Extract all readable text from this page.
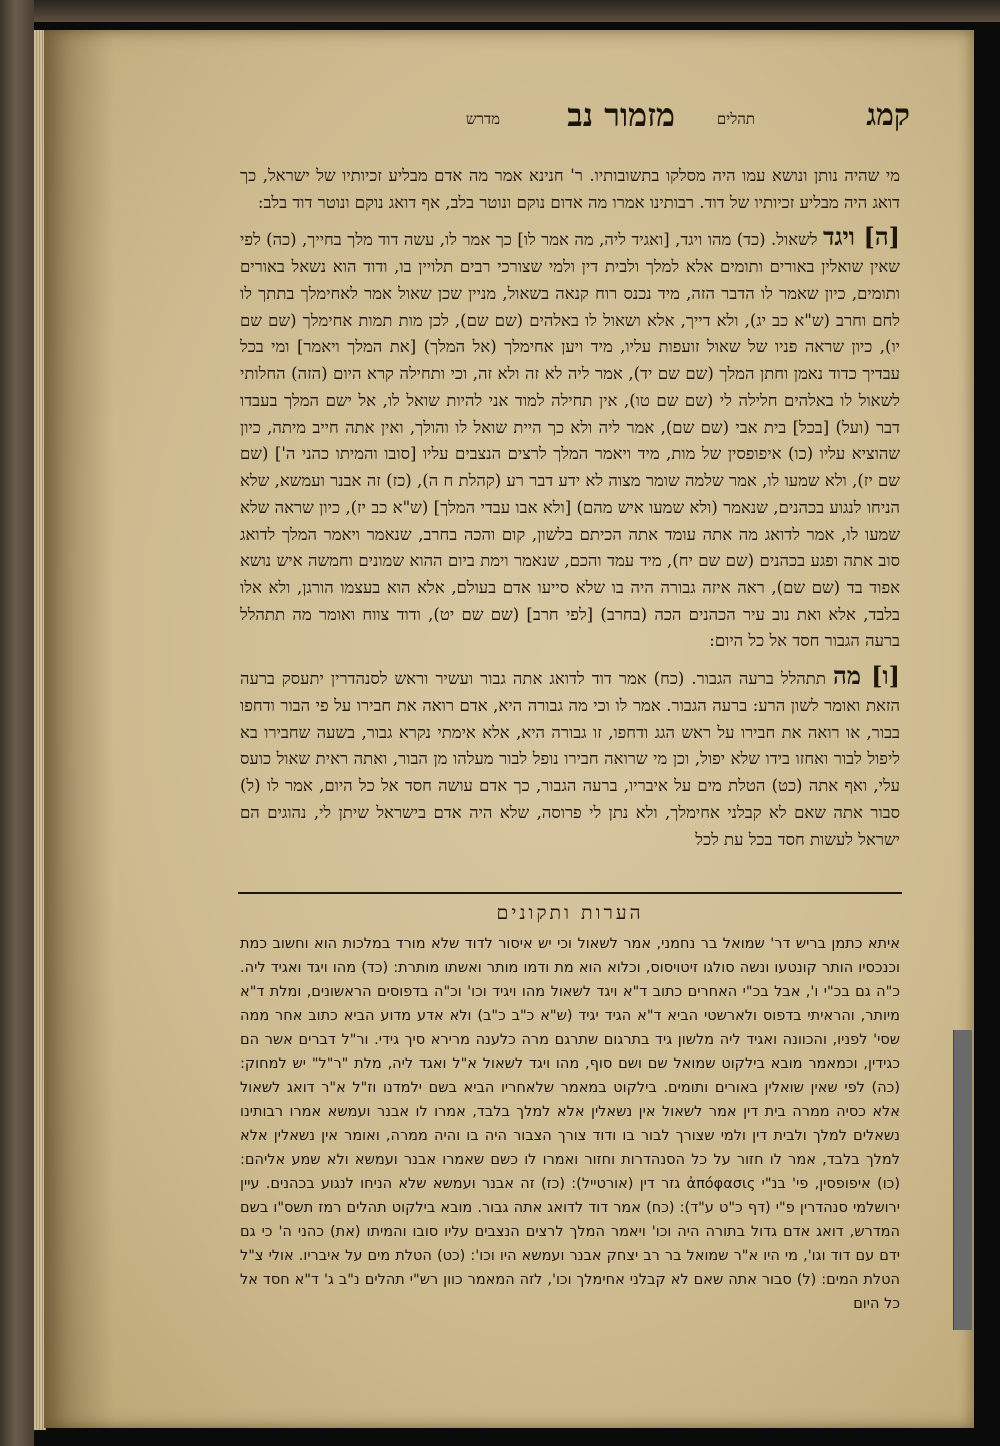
קמג
מדרש מזמור נב	תהלים

מי שהיה נותן ונושא עמו היה מסלקו בתשובותיו. ר' חנינא אמר מה אדם מבליע זכיותיו של ישראל, כך דואג היה מבליע זכיותיו של דוד. רבותינו אמרו מה אדום נוקם ונוטר בלב, אף דואג נוקם ונוטר דוד בלב:

[ה] ויגד לשאול. (כד) מהו ויגד, [ואגיד ליה, מה אמר לו] כך אמר לו, עשה דוד מלך בחייך, (כה) לפי שאין שואלין באורים ותומים אלא למלך ולבית דין ולמי שצורכי רבים תלויין בו, ודוד הוא נשאל באורים ותומים, כיון שאמר לו הדבר הזה, מיד נכנס רוח קנאה בשאול, מניין שכן שאול אמר לאחימלך בתתך לו לחם וחרב (ש"א כב יג), ולא דייך, אלא ושאול לו באלהים (שם שם), לכן מות תמות אחימלך (שם שם יו), כיון שראה פניו של שאול זועפות עליו, מיד ויען אחימלך (אל המלך) [את המלך ויאמר] ומי בכל עבדיך כדוד נאמן וחתן המלך (שם שם יד), אמר ליה לא זה ולא זה, וכי ותחילה קרא היום (הזה) החלותי לשאול לו באלהים חלילה לי (שם שם טו), אין תחילה למוד אני להיות שואל לו, אל ישם המלך בעבדו דבר (ועל) [בכל] בית אבי (שם שם), אמר ליה ולא כך היית שואל לו והולך, ואין אתה חייב מיתה, כיון שהוציא עליו (כו) איפופסין של מות, מיד ויאמר המלך לרצים הנצבים עליו [סובו והמיתו כהני ה'] (שם שם יז), ולא שמעו לו, אמר שלמה שומר מצוה לא ידע דבר רע (קהלת ח ה), (כז) זה אבנר ועמשא, שלא הניחו לנגוע בכהנים, שנאמר (ולא שמעו איש מהם) [ולא אבו עבדי המלך] (ש"א כב יז), כיון שראה שלא שמעו לו, אמר לדואג מה אתה עומד אתה הכיתם בלשון, קום והכה בחרב, שנאמר ויאמר המלך לדואג סוב אתה ופגע בכהנים (שם שם יח), מיד עמד והכם, שנאמר וימת ביום ההוא שמונים וחמשה איש נושא אפוד בד (שם שם), ראה איזה גבורה היה בו שלא סייעו אדם בעולם, אלא הוא בעצמו הורגן, ולא אלו בלבד, אלא ואת נוב עיר הכהנים הכה (בחרב) [לפי חרב] (שם שם יט), ודוד צווח ואומר מה תתהלל ברעה הגבור חסד אל כל היום:

[ו] מה תתהלל ברעה הגבור. (כח) אמר דוד לדואג אתה גבור ועשיר וראש לסנהדרין יתעסק ברעה הזאת ואומר לשון הרע: ברעה הגבור. אמר לו וכי מה גבורה היא, אדם רואה את חבירו על פי הבור ודחפו בבור, או רואה את חבירו על ראש הגג ודחפו, זו גבורה היא, אלא אימתי נקרא גבור, בשעה שחבירו בא ליפול לבור ואחזו בידו שלא יפול, וכן מי שרואה חבירו נופל לבור מעלהו מן הבור, ואתה ראית שאול כועס עלי, ואף אתה (כט) הטלת מים על איבריו, ברעה הגבור, כך אדם עושה חסד אל כל היום, אמר לו (ל) סבור אתה שאם לא קבלני אחימלך, ולא נתן לי פרוסה, שלא היה אדם בישראל שיתן לי, נהוגים הם ישראל לעשות חסד בכל עת לכל

הערות ותקונים

איתא כתמן בריש דר' שמואל בר נחמני, אמר לשאול וכי יש איסור לדוד שלא מורד במלכות הוא וחשוב כמת וכנכסיו הותר קונטעו ונשה סולגו זיטויסוס, וכלוא הוא מת ודמו מותר ואשתו מותרת: (כד) מהו ויגד ואגיד ליה. כ"ה גם בכ"י ו', אבל בכ"י האחרים כתוב ד"א ויגד לשאול מהו ויגיד וכו' וכ"ה בדפוסים הראשונים, ומלת ד"א מיותר, והראיתי בדפוס ולארשטי הביא ד"א הגיד יגיד (ש"א כ"ב כ"ב) ולא אדע מדוע הביא כתוב אחר ממה שסי' לפניו, והכוונה ואגיד ליה מלשון גיד בתרגום שתרגם מרה כלענה מרירא סיך גידי. ור"ל דברים אשר הם כגידין, וכמאמר מובא בילקוט שמואל שם ושם סוף, מהו ויגד לשאול א"ל ואגד ליה, מלת "ר"ל" יש למחוק: (כה) לפי שאין שואלין באורים ותומים. בילקוט במאמר שלאחריו הביא בשם ילמדנו וז"ל א"ר דואג לשאול אלא כסיה ממרה בית דין אמר לשאול אין נשאלין אלא למלך בלבד, אמרו לו אבנר ועמשא אמרו רבותינו נשאלים למלך ולבית דין ולמי שצורך לבור בו ודוד צורך הצבור היה בו והיה ממרה, ואומר אין נשאלין אלא למלך בלבד, אמר לו חזור על כל הסנהדרות וחזור ואמרו לו כשם שאמרו אבנר ועמשא ולא שמע אליהם: (כו) איפופסין, פי' בנ"י ἀπόφασις גזר דין (אורטייל): (כז) זה אבנר ועמשא שלא הניחו לנגוע בכהנים. עיין ירושלמי סנהדרין פ"י (דף כ"ט ע"ד): (כח) אמר דוד לדואג אתה גבור. מובא בילקוט תהלים רמז תשס"ו בשם המדרש, דואג אדם גדול בתורה היה וכו' ויאמר המלך לרצים הנצבים עליו סובו והמיתו (את) כהני ה' כי גם ידם עם דוד וגו', מי היו א"ר שמואל בר רב יצחק אבנר ועמשא היו וכו': (כט) הטלת מים על איבריו. אולי צ"ל הטלת המים: (ל) סבור אתה שאם לא קבלני אחימלך וכו', לזה המאמר כוון רש"י תהלים נ"ב ג' ד"א חסד אל כל היום
